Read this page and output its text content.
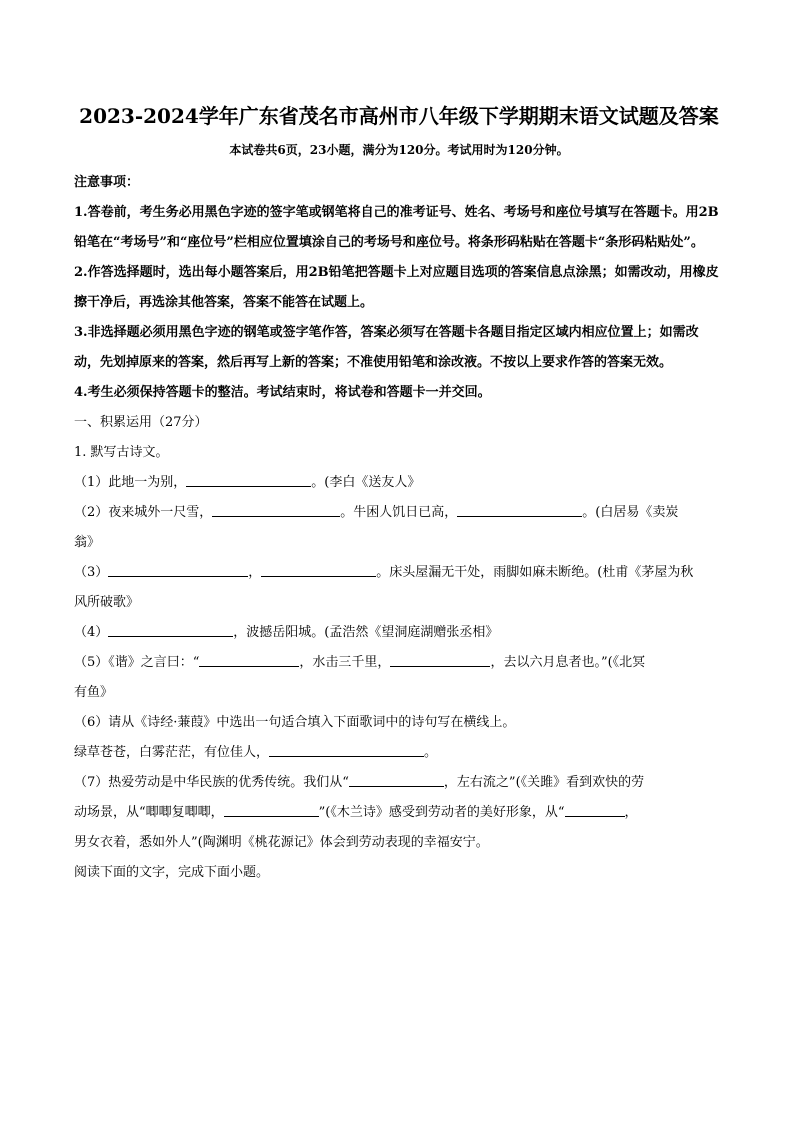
2023-2024学年广东省茂名市高州市八年级下学期期末语文试题及答案
本试卷共6页，23小题，满分为120分。考试用时为120分钟。

注意事项：

1.答卷前，考生务必用黑色字迹的签字笔或钢笔将自己的准考证号、姓名、考场号和座位号填写在答题卡。用2B铅笔在“考场号”和“座位号”栏相应位置填涂自己的考场号和座位号。将条形码粘贴在答题卡“条形码粘贴处”。

2.作答选择题时，选出每小题答案后，用2B铅笔把答题卡上对应题目选项的答案信息点涂黑；如需改动，用橡皮擦干净后，再选涂其他答案，答案不能答在试题上。

3.非选择题必须用黑色字迹的钢笔或签字笔作答，答案必须写在答题卡各题目指定区域内相应位置上；如需改动，先划掉原来的答案，然后再写上新的答案；不准使用铅笔和涂改液。不按以上要求作答的答案无效。

4.考生必须保持答题卡的整洁。考试结束时，将试卷和答题卡一并交回。

一、积累运用（27分）

1. 默写古诗文。

（1）此地一为别，	。(李白《送友人》

（2）夜来城外一尺雪，	。牛困人饥日已高，	。(白居易《卖炭
翁》

（3）	，	。床头屋漏无干处，雨脚如麻未断绝。(杜甫《茅屋为秋
风所破歌》

（4）	，波撼岳阳城。(孟浩然《望洞庭湖赠张丞相》

（5）《谐》之言曰：“	，水击三千里，	，去以六月息者也。”(《北冥
有鱼》

（6）请从《诗经·蒹葭》中选出一句适合填入下面歌词中的诗句写在横线上。
绿草苍苍，白雾茫茫，有位佳人，	。

（7）热爱劳动是中华民族的优秀传统。我们从“	，左右流之”(《关雎》看到欢快的劳
动场景，从“唧唧复唧唧，	”(《木兰诗》感受到劳动者的美好形象，从“	，
男女衣着，悉如外人”(陶渊明《桃花源记》体会到劳动表现的幸福安宁。

阅读下面的文字，完成下面小题。
